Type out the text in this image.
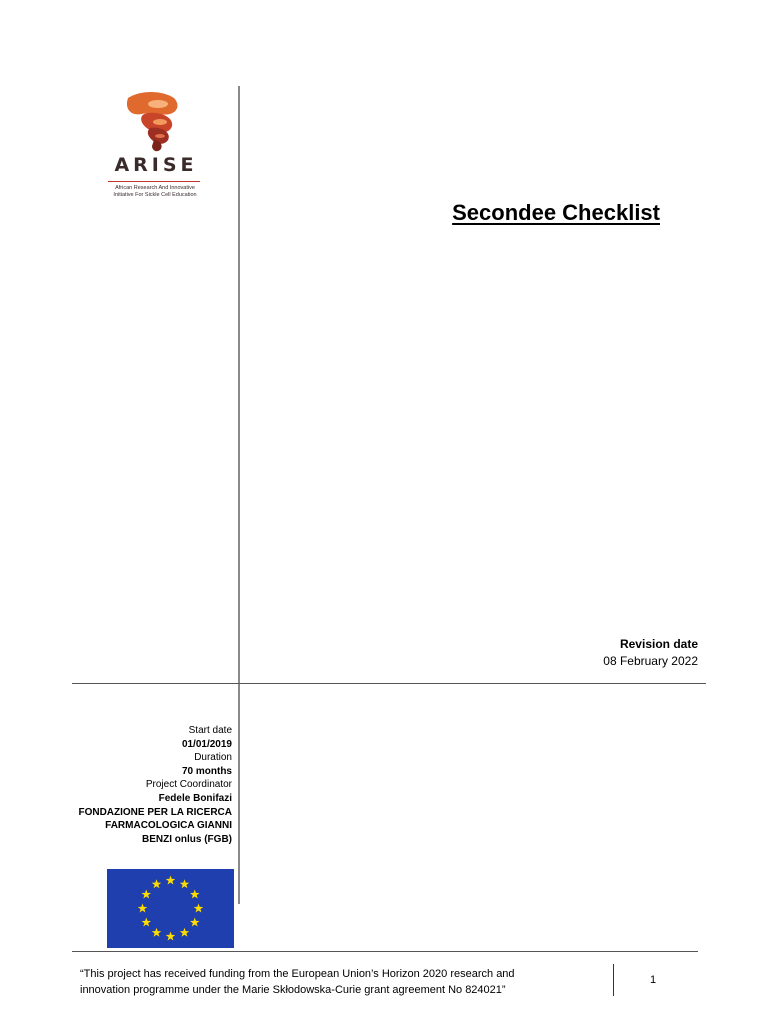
ARISE
African Research And Innovative
Initiative For Sickle Cell Education
Secondee Checklist
Revision date
08 February 2022
Start date
01/01/2019
Duration
70 months
Project Coordinator
Fedele Bonifazi
FONDAZIONE PER LA RICERCA
FARMACOLOGICA GIANNI
BENZI onlus (FGB)
“This project has received funding from the European Union’s Horizon 2020 research and
innovation programme under the Marie Skłodowska-Curie grant agreement No 824021”
1
